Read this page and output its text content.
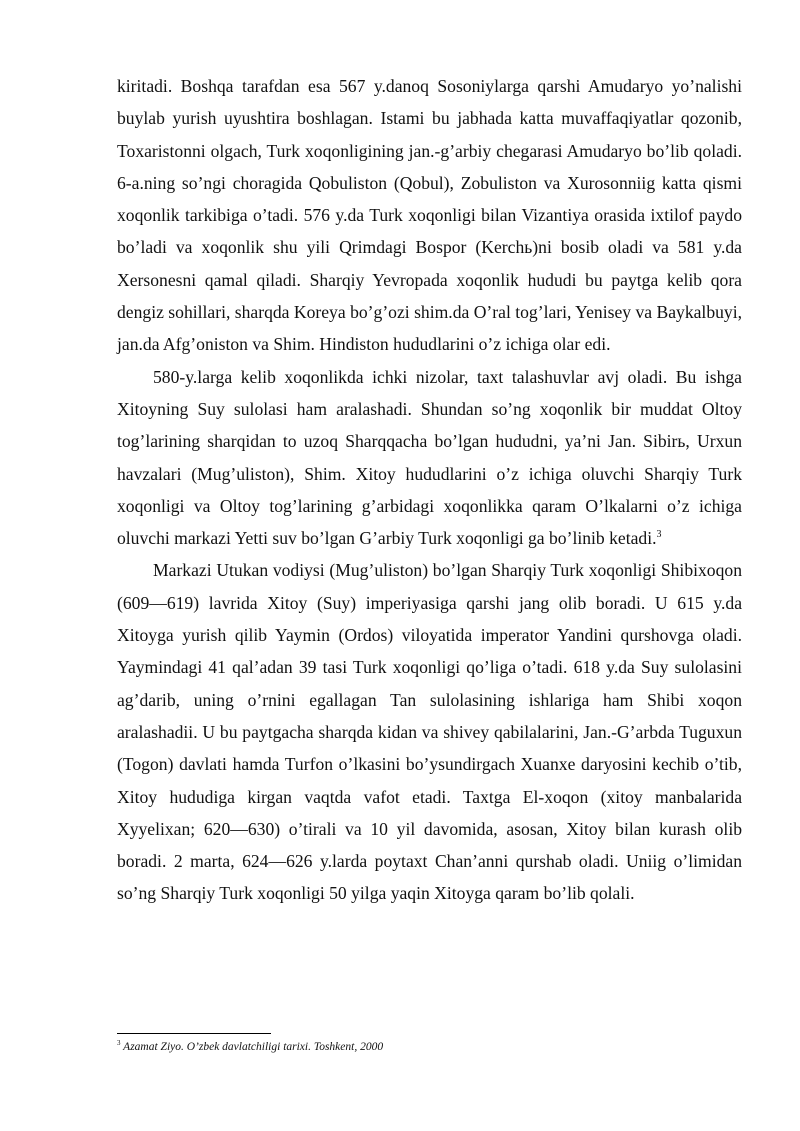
kiritadi. Boshqa tarafdan esa 567 y.danoq Sosoniylarga qarshi Amudaryo yo’nalishi buylab yurish uyushtira boshlagan. Istami bu jabhada katta muvaffaqiyatlar qozonib, Toxaristonni olgach, Turk xoqonligining jan.-g’arbiy chegarasi Amudaryo bo’lib qoladi. 6-a.ning so’ngi choragida Qobuliston (Qobul), Zobuliston va Xurosonniig katta qismi xoqonlik tarkibiga o’tadi. 576 y.da Turk xoqonligi bilan Vizantiya orasida ixtilof paydo bo’ladi va xoqonlik shu yili Qrimdagi Bospor (Kerchь)ni bosib oladi va 581 y.da Xersonesni qamal qiladi. Sharqiy Yevropada xoqonlik hududi bu paytga kelib qora dengiz sohillari, sharqda Koreya bo’g’ozi shim.da O’ral tog’lari, Yenisey va Baykalbuyi, jan.da Afg’oniston va Shim. Hindiston hududlarini o’z ichiga olar edi.

580-y.larga kelib xoqonlikda ichki nizolar, taxt talashuvlar avj oladi. Bu ishga Xitoyning Suy sulolasi ham aralashadi. Shundan so’ng xoqonlik bir muddat Oltoy tog’larining sharqidan to uzoq Sharqqacha bo’lgan hududni, ya’ni Jan. Sibirь, Urxun havzalari (Mug’uliston), Shim. Xitoy hududlarini o’z ichiga oluvchi Sharqiy Turk xoqonligi va Oltoy tog’larining g’arbidagi xoqonlikka qaram O’lkalarni o’z ichiga oluvchi markazi Yetti suv bo’lgan G’arbiy Turk xoqonligi ga bo’linib ketadi.$^3$

Markazi Utukan vodiysi (Mug’uliston) bo’lgan Sharqiy Turk xoqonligi Shibixoqon (609—619) lavrida Xitoy (Suy) imperiyasiga qarshi jang olib boradi. U 615 y.da Xitoyga yurish qilib Yaymin (Ordos) viloyatida imperator Yandini qurshovga oladi. Yaymindagi 41 qal’adan 39 tasi Turk xoqonligi qo’liga o’tadi. 618 y.da Suy sulolasini ag’darib, uning o’rnini egallagan Tan sulolasining ishlariga ham Shibi xoqon aralashadii. U bu paytgacha sharqda kidan va shivey qabilalarini, Jan.-G’arbda Tuguxun (Togon) davlati hamda Turfon o’lkasini bo’ysundirgach Xuanxe daryosini kechib o’tib, Xitoy hududiga kirgan vaqtda vafot etadi. Taxtga El-xoqon (xitoy manbalarida Xyyelixan; 620—630) o’tirali va 10 yil davomida, asosan, Xitoy bilan kurash olib boradi. 2 marta, 624—626 y.larda poytaxt Chan’anni qurshab oladi. Uniig o’limidan so’ng Sharqiy Turk xoqonligi 50 yilga yaqin Xitoyga qaram bo’lib qolali.

$^3$ Azamat Ziyo. O’zbek davlatchiligi tarixi. Toshkent, 2000
